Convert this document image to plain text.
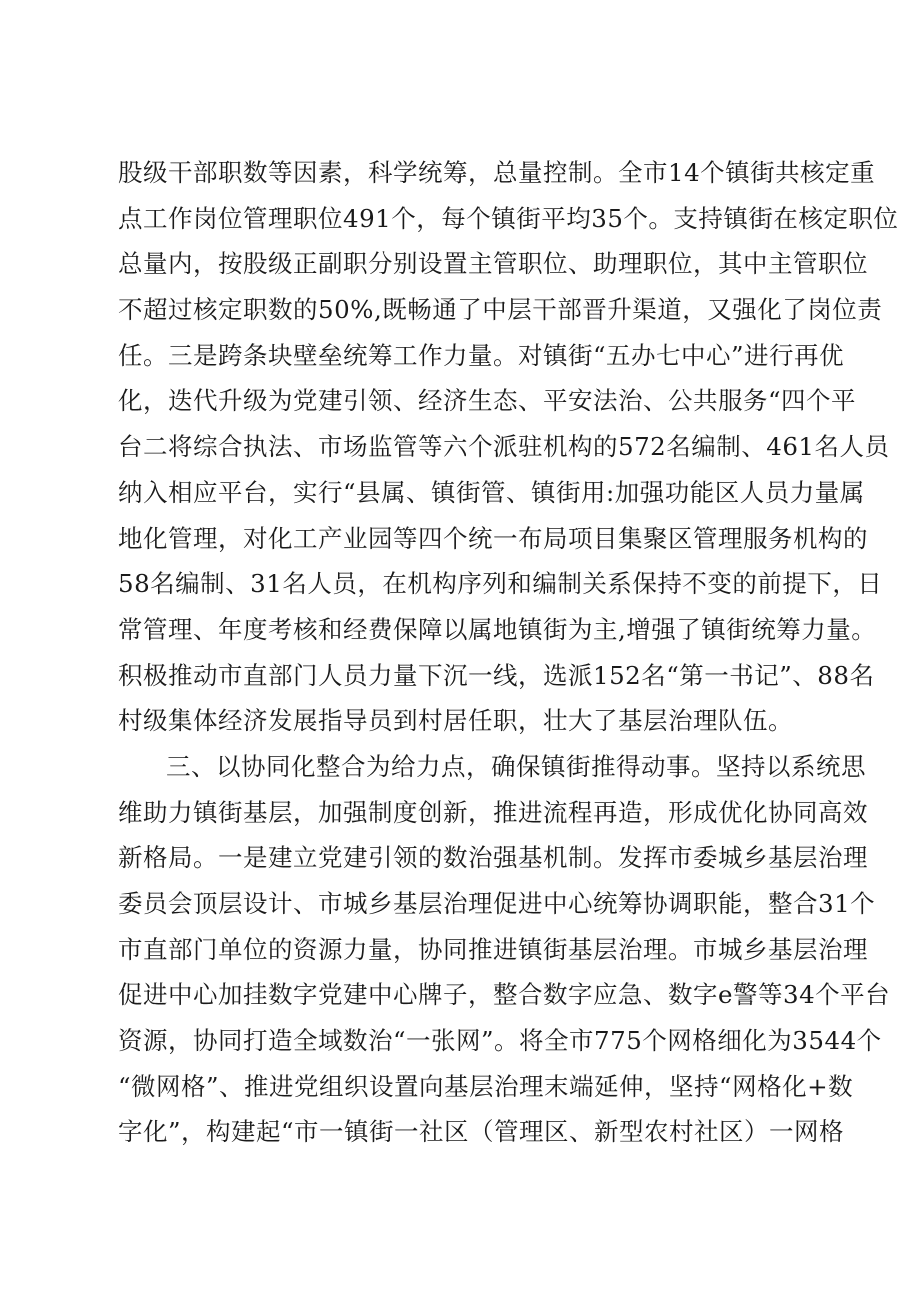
股级干部职数等因素，科学统筹，总量控制。全市14个镇街共核定重
点工作岗位管理职位491个，每个镇街平均35个。支持镇街在核定职位
总量内，按股级正副职分别设置主管职位、助理职位，其中主管职位
不超过核定职数的50%,既畅通了中层干部晋升渠道，又强化了岗位责
任。三是跨条块壁垒统筹工作力量。对镇街“五办七中心”进行再优
化，迭代升级为党建引领、经济生态、平安法治、公共服务“四个平
台二将综合执法、市场监管等六个派驻机构的572名编制、461名人员
纳入相应平台，实行“县属、镇街管、镇街用:加强功能区人员力量属
地化管理，对化工产业园等四个统一布局项目集聚区管理服务机构的
58名编制、31名人员，在机构序列和编制关系保持不变的前提下，日
常管理、年度考核和经费保障以属地镇街为主,增强了镇街统筹力量。
积极推动市直部门人员力量下沉一线，选派152名“第一书记”、88名
村级集体经济发展指导员到村居任职，壮大了基层治理队伍。
三、以协同化整合为给力点，确保镇街推得动事。坚持以系统思
维助力镇街基层，加强制度创新，推进流程再造，形成优化协同高效
新格局。一是建立党建引领的数治强基机制。发挥市委城乡基层治理
委员会顶层设计、市城乡基层治理促进中心统筹协调职能，整合31个
市直部门单位的资源力量，协同推进镇街基层治理。市城乡基层治理
促进中心加挂数字党建中心牌子，整合数字应急、数字e警等34个平台
资源，协同打造全域数治“一张网”。将全市775个网格细化为3544个
“微网格”、推进党组织设置向基层治理末端延伸，坚持“网格化+数
字化”，构建起“市一镇街一社区（管理区、新型农村社区）一网格
